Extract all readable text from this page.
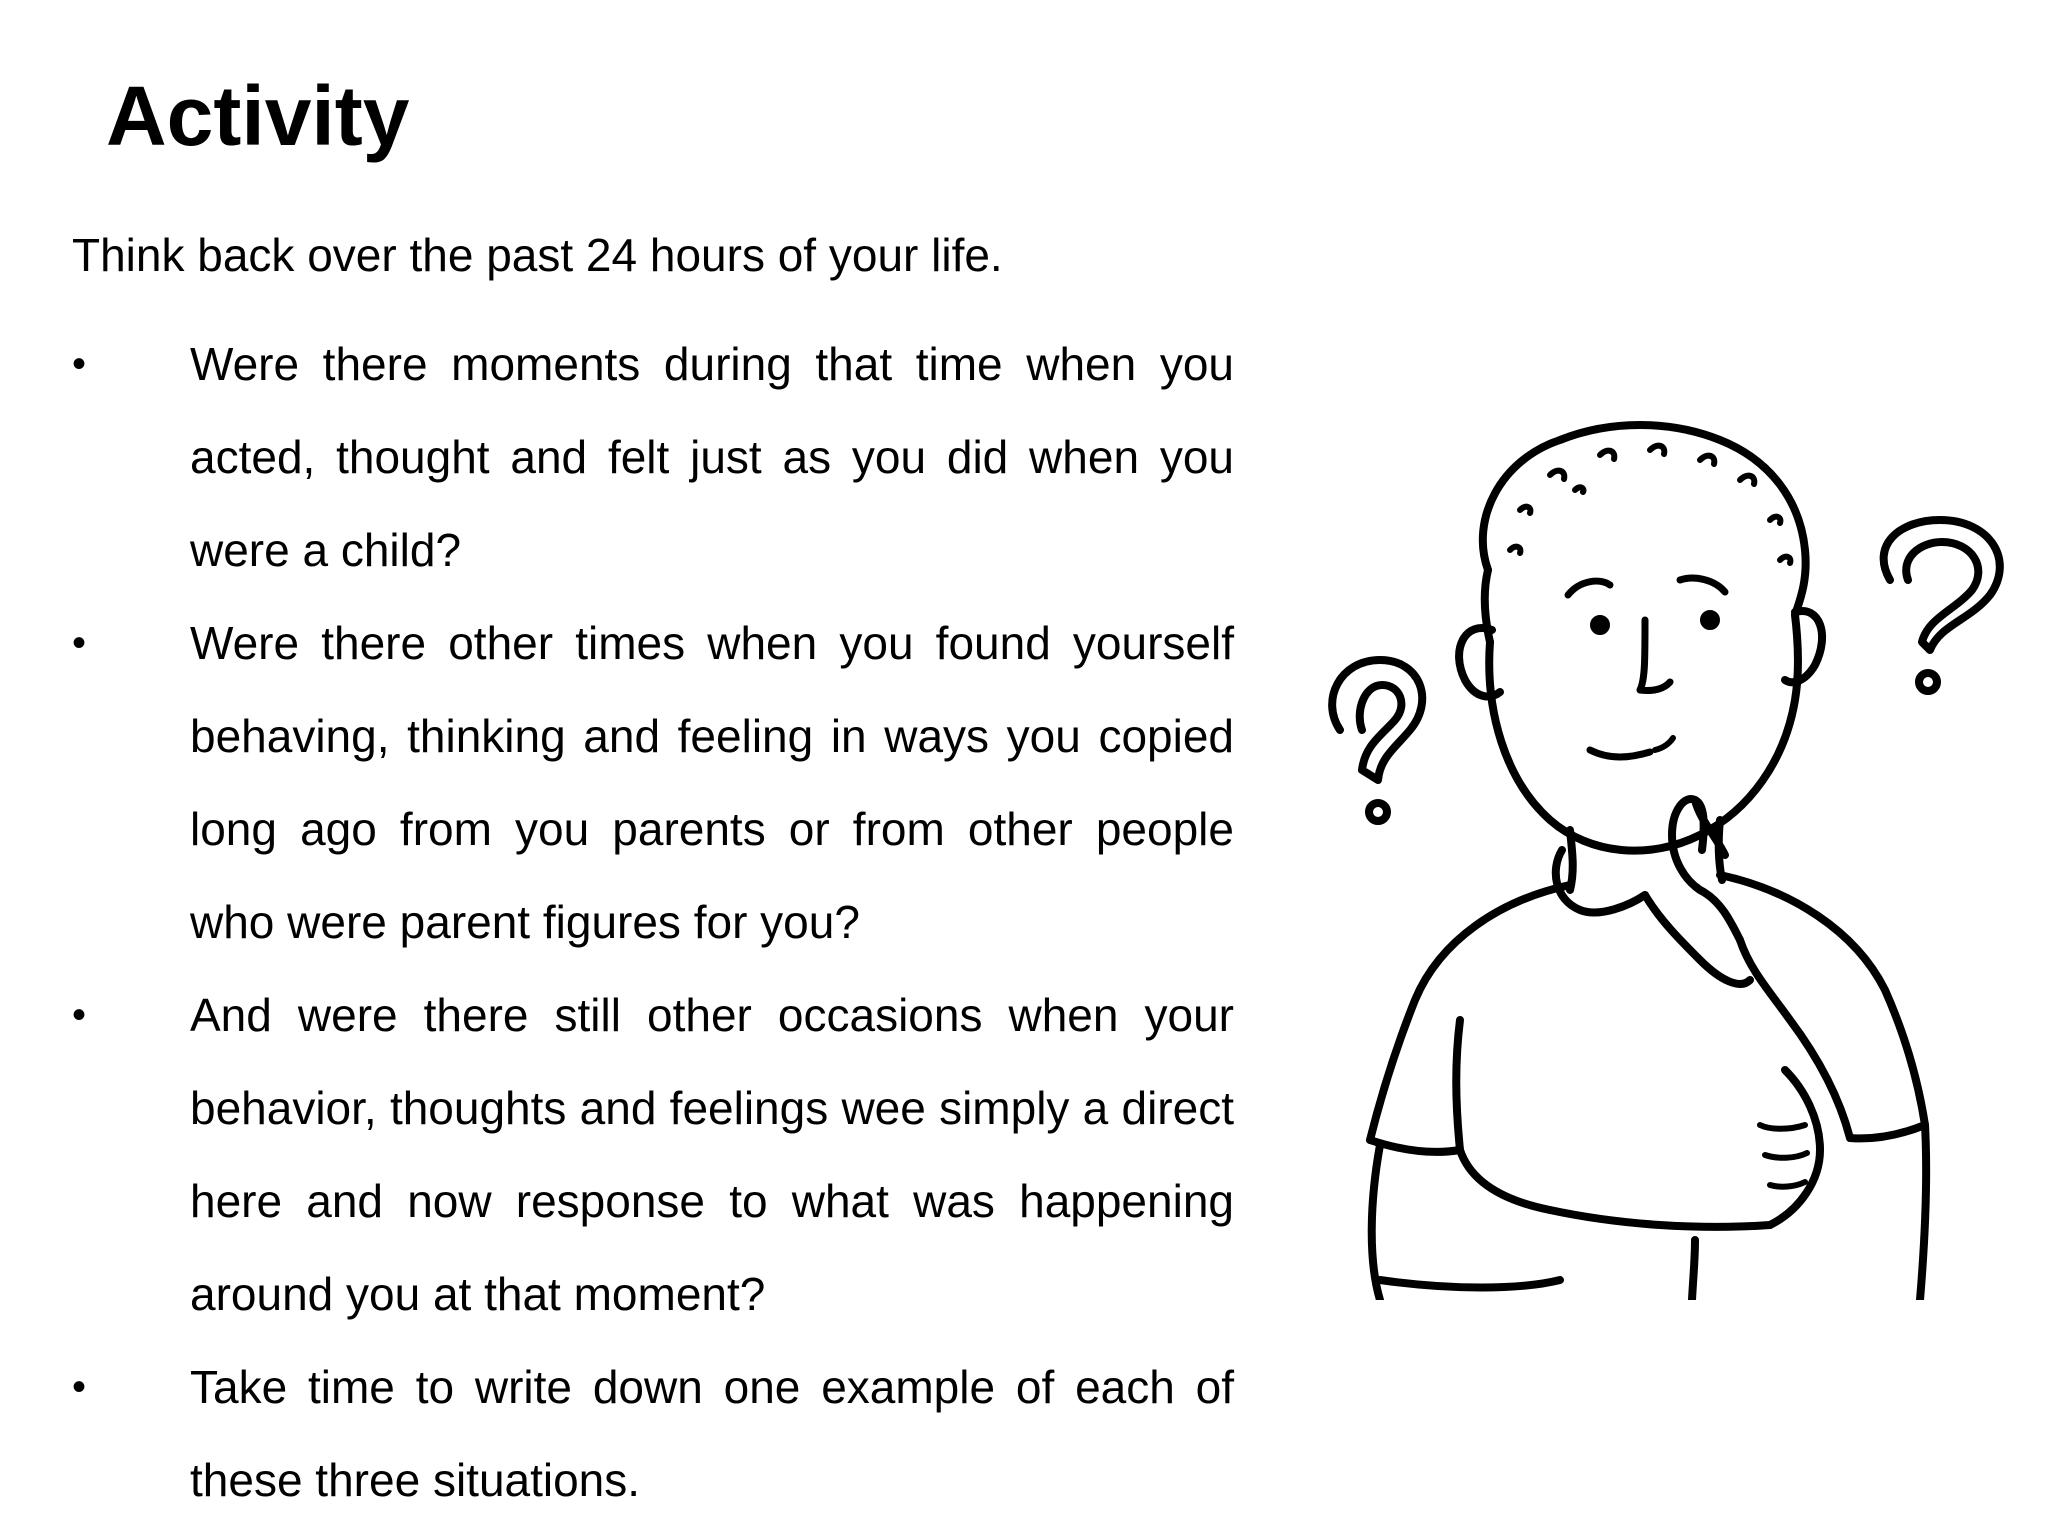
Activity

Think back over the past 24 hours of your life.

•	Were there moments during that time when you acted, thought and felt just as you did when you were a child?
•	Were there other times when you found yourself behaving, thinking and feeling in ways you copied long ago from you parents or from other people who were parent figures for you?
•	And were there still other occasions when your behavior, thoughts and feelings wee simply a direct here and now response to what was happening around you at that moment?
•	Take time to write down one example of each of these three situations.
